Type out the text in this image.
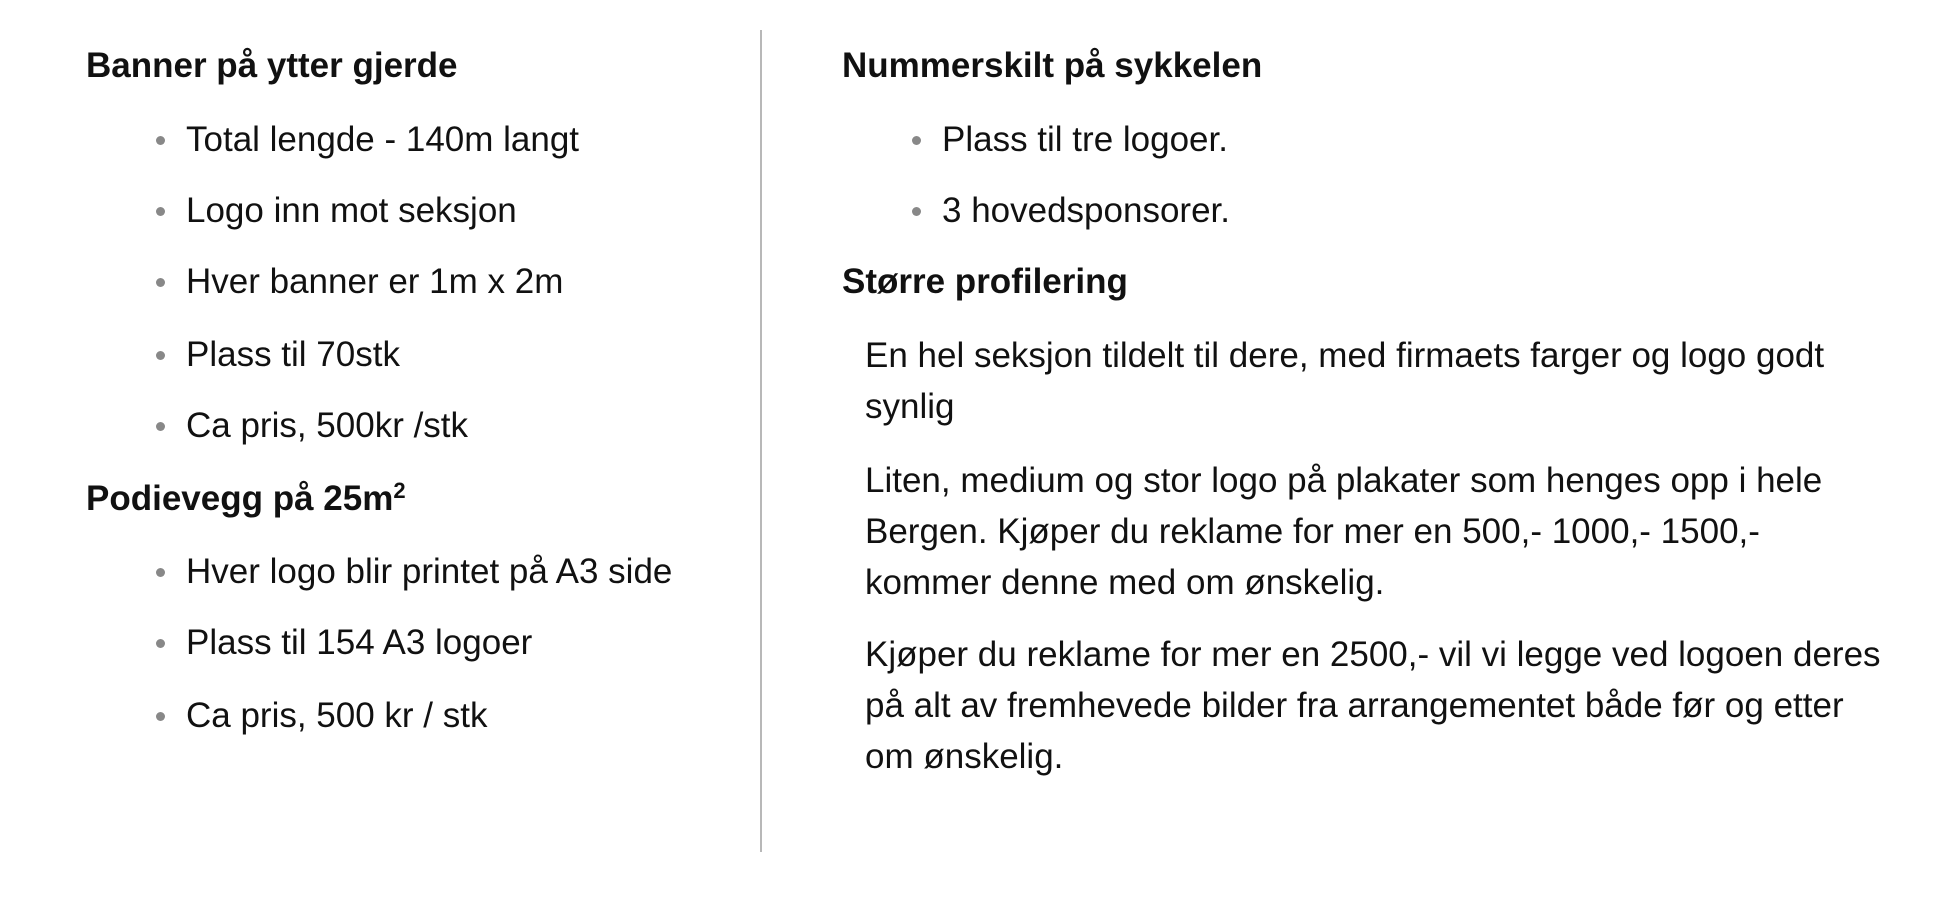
Banner på ytter gjerde
Total lengde - 140m langt
Logo inn mot seksjon
Hver banner er 1m x 2m
Plass til 70stk
Ca pris, 500kr /stk
Podievegg på $25m^2$
Hver logo blir printet på A3 side
Plass til 154 A3 logoer
Ca pris, 500 kr / stk
Nummerskilt på sykkelen
Plass til tre logoer.
3 hovedsponsorer.
Større profilering

En hel seksjon tildelt til dere, med firmaets farger og logo godt synlig

Liten, medium og stor logo på plakater som henges opp i hele Bergen. Kjøper du reklame for mer en 500,- 1000,- 1500,- kommer denne med om ønskelig.

Kjøper du reklame for mer en 2500,- vil vi legge ved logoen deres på alt av fremhevede bilder fra arrangementet både før og etter om ønskelig.
